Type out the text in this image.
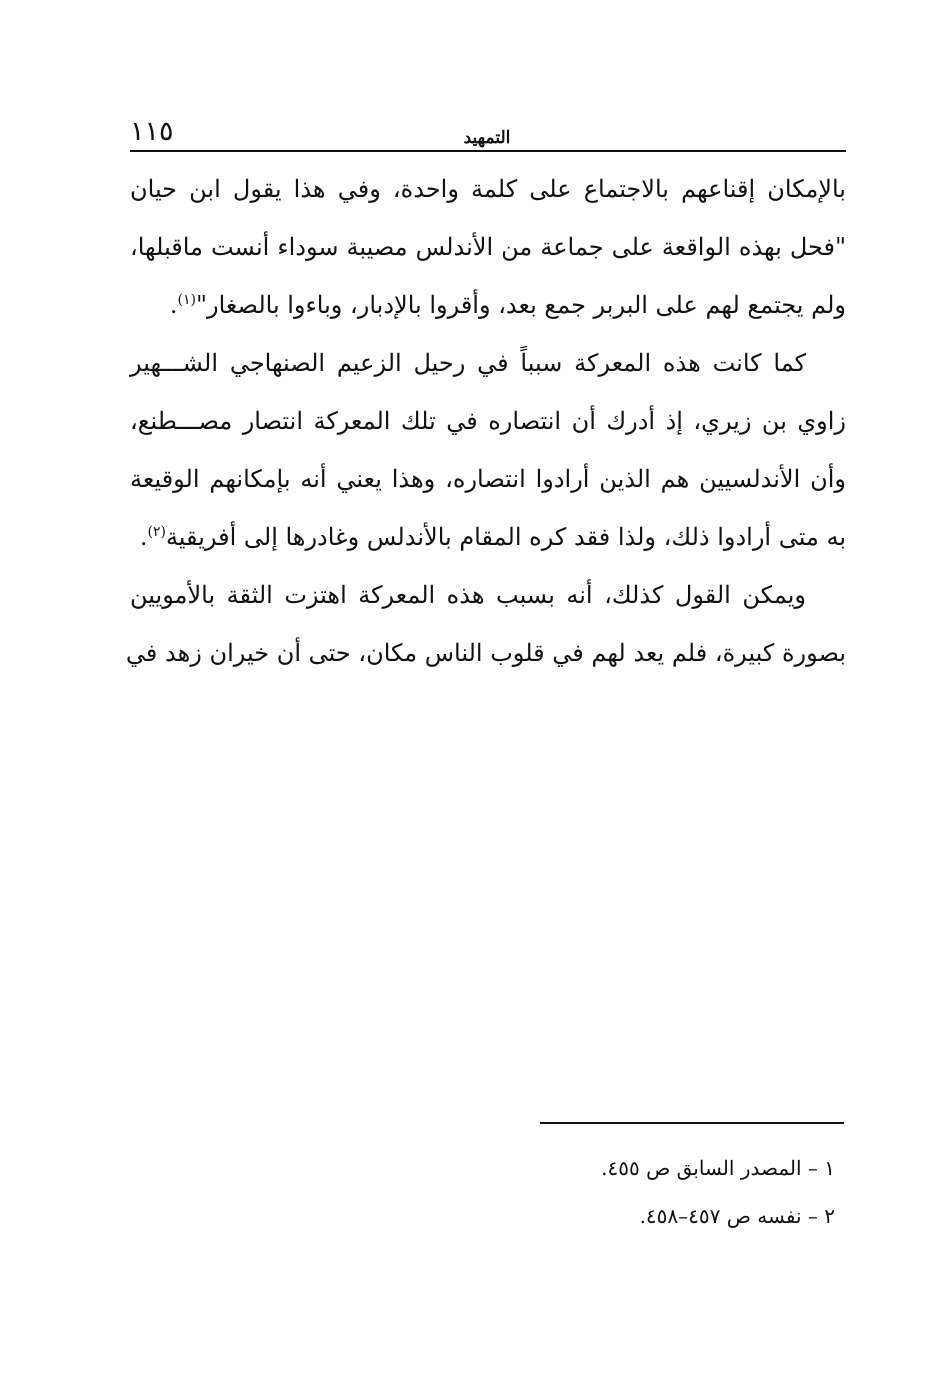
١١٥	التمهيد
بالإمكان إقناعهم بالاجتماع على كلمة واحدة، وفي هذا يقول ابن حيان
"فحل بهذه الواقعة على جماعة من الأندلس مصيبة سوداء أنست ماقبلها،
ولم يجتمع لهم على البربر جمع بعد، وأقروا بالإدبار، وباءوا بالصغار"$^{(١)}$.
كما كانت هذه المعركة سبباً في رحيل الزعيم الصنهاجي الشـــهير
زاوي بن زيري، إذ أدرك أن انتصاره في تلك المعركة انتصار مصـــطنع،
وأن الأندلسيين هم الذين أرادوا انتصاره، وهذا يعني أنه بإمكانهم الوقيعة
به متى أرادوا ذلك، ولذا فقد كره المقام بالأندلس وغادرها إلى أفريقية$^{(٢)}$.
ويمكن القول كذلك، أنه بسبب هذه المعركة اهتزت الثقة بالأمويين
بصورة كبيرة، فلم يعد لهم في قلوب الناس مكان، حتى أن خيران زهد في
١ – المصدر السابق ص ٤٥٥.
٢ – نفسه ص ٤٥٧–٤٥٨.
